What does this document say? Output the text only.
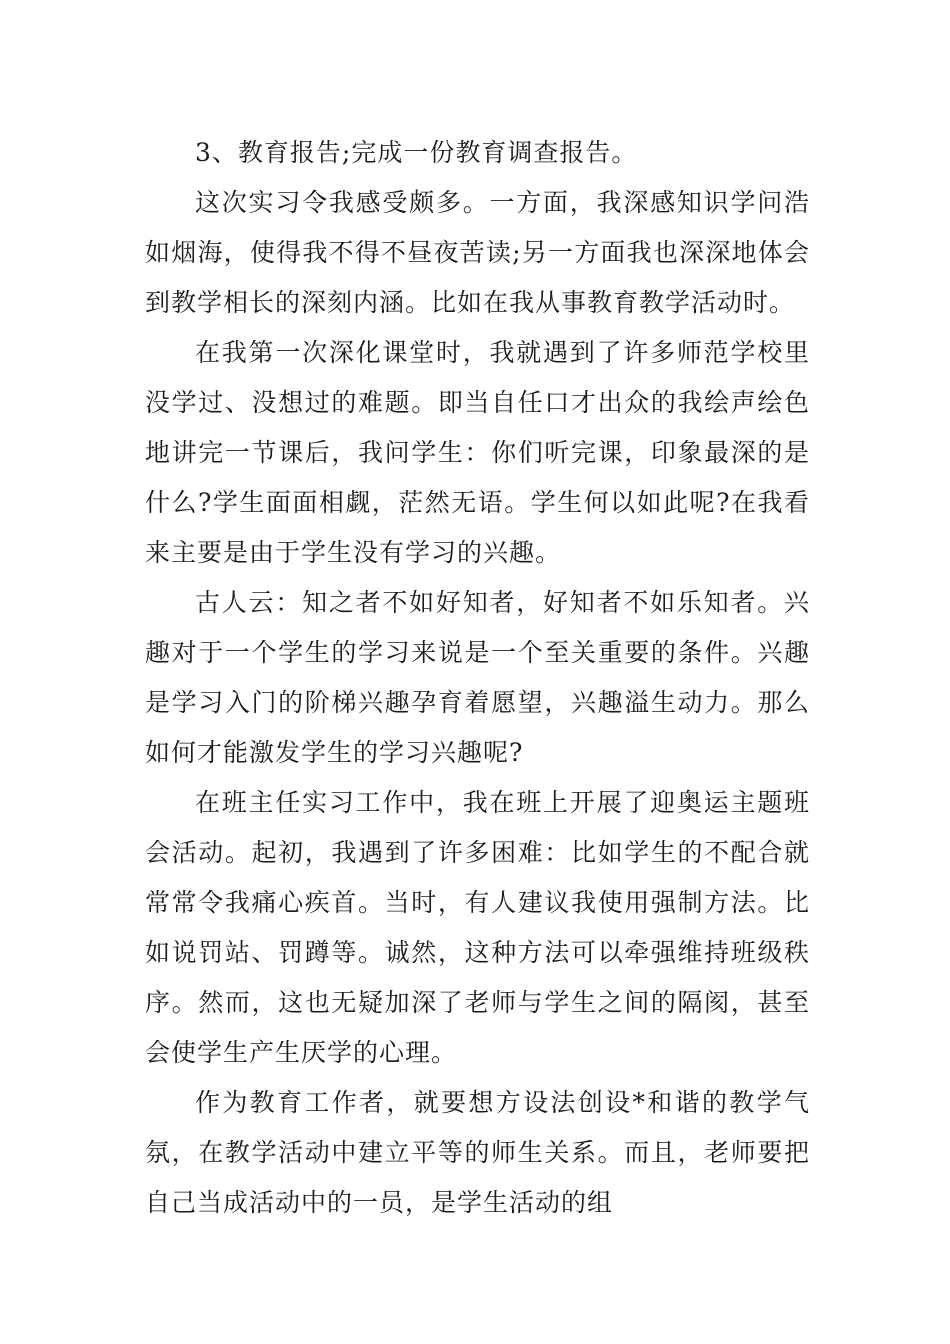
3、教育报告;完成一份教育调查报告。

这次实习令我感受颇多。一方面，我深感知识学问浩如烟海，使得我不得不昼夜苦读;另一方面我也深深地体会到教学相长的深刻内涵。比如在我从事教育教学活动时。

在我第一次深化课堂时，我就遇到了许多师范学校里没学过、没想过的难题。即当自任口才出众的我绘声绘色地讲完一节课后，我问学生：你们听完课，印象最深的是什么?学生面面相觑，茫然无语。学生何以如此呢?在我看来主要是由于学生没有学习的兴趣。

古人云：知之者不如好知者，好知者不如乐知者。兴趣对于一个学生的学习来说是一个至关重要的条件。兴趣是学习入门的阶梯兴趣孕育着愿望，兴趣溢生动力。那么如何才能激发学生的学习兴趣呢?

在班主任实习工作中，我在班上开展了迎奥运主题班会活动。起初，我遇到了许多困难：比如学生的不配合就常常令我痛心疾首。当时，有人建议我使用强制方法。比如说罚站、罚蹲等。诚然，这种方法可以牵强维持班级秩序。然而，这也无疑加深了老师与学生之间的隔阂，甚至会使学生产生厌学的心理。

作为教育工作者，就要想方设法创设*和谐的教学气氛，在教学活动中建立平等的师生关系。而且，老师要把自己当成活动中的一员，是学生活动的组
